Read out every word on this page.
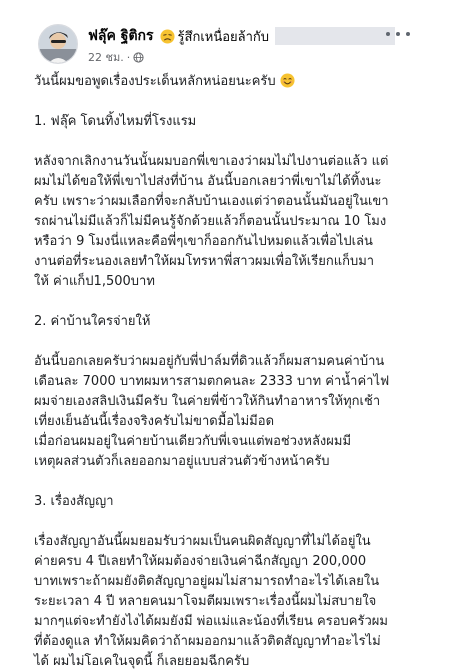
ฟลุ๊ค ฐิติกร รู้สึกเหนื่อยล้ากับ
22 ชม. ·

วันนี้ผมขอพูดเรื่องประเด็นหลักหน่อยนะครับ

1. ฟลุ๊ค โดนทิ้งไหมที่โรงแรม

หลังจากเลิกงานวันนั้นผมบอกพี่เขาเองว่าผมไม่ไปงานต่อแล้ว แต่
ผมไม่ได้ขอให้พี่เขาไปส่งที่บ้าน อันนี้บอกเลยว่าพี่เขาไม่ได้ทิ้งนะ
ครับ เพราะว่าผมเลือกที่จะกลับบ้านเองแต่ว่าตอนนั้นมันอยู่ในเขา
รถผ่านไม่มีแล้วก็ไม่มีคนรู้จักด้วยแล้วก็ตอนนั้นประมาณ 10 โมง
หรือว่า 9 โมงนี่แหละคือพี่ๆเขาก็ออกกันไปหมดแล้วเพื่อไปเล่น
งานต่อที่ระนองเลยทำให้ผมโทรหาพี่สาวผมเพื่อให้เรียกแก็บมา
ให้ ค่าแก็ป1,500บาท

2. ค่าบ้านใครจ่ายให้

อันนี้บอกเลยครับว่าผมอยู่กับพี่ปาล์มที่ดิวแล้วก็ผมสามคนค่าบ้าน
เดือนละ 7000 บาทผมหารสามตกคนละ 2333 บาท ค่าน้ำค่าไฟ
ผมจ่ายเองสลิปเงินมีครับ ในค่ายพี่ข้าวให้กินทำอาหารให้ทุกเช้า
เที่ยงเย็นอันนี้เรื่องจริงครับไม่ขาดมื้อไม่มีอด
เมื่อก่อนผมอยู่ในค่ายบ้านเดียวกับพี่เจนแต่พอช่วงหลังผมมี
เหตุผลส่วนตัวก็เลยออกมาอยู่แบบส่วนตัวข้างหน้าครับ

3. เรื่องสัญญา

เรื่องสัญญาอันนี้ผมยอมรับว่าผมเป็นคนผิดสัญญาที่ไม่ได้อยู่ใน
ค่ายครบ 4 ปีเลยทำให้ผมต้องจ่ายเงินค่าฉีกสัญญา 200,000
บาทเพราะถ้าผมยังติดสัญญาอยู่ผมไม่สามารถทำอะไรได้เลยใน
ระยะเวลา 4 ปี หลายคนมาโจมตีผมเพราะเรื่องนี้ผมไม่สบายใจ
มากๆแต่จะทำยังไงได้ผมยังมี พ่อแม่และน้องที่เรียน ครอบครัวผม
ที่ต้องดูแล ทำให้ผมคิดว่าถ้าผมออกมาแล้วติดสัญญาทำอะไรไม่
ได้ ผมไม่โอเคในจุดนี้ ก็เลยยอมฉีกครับ
